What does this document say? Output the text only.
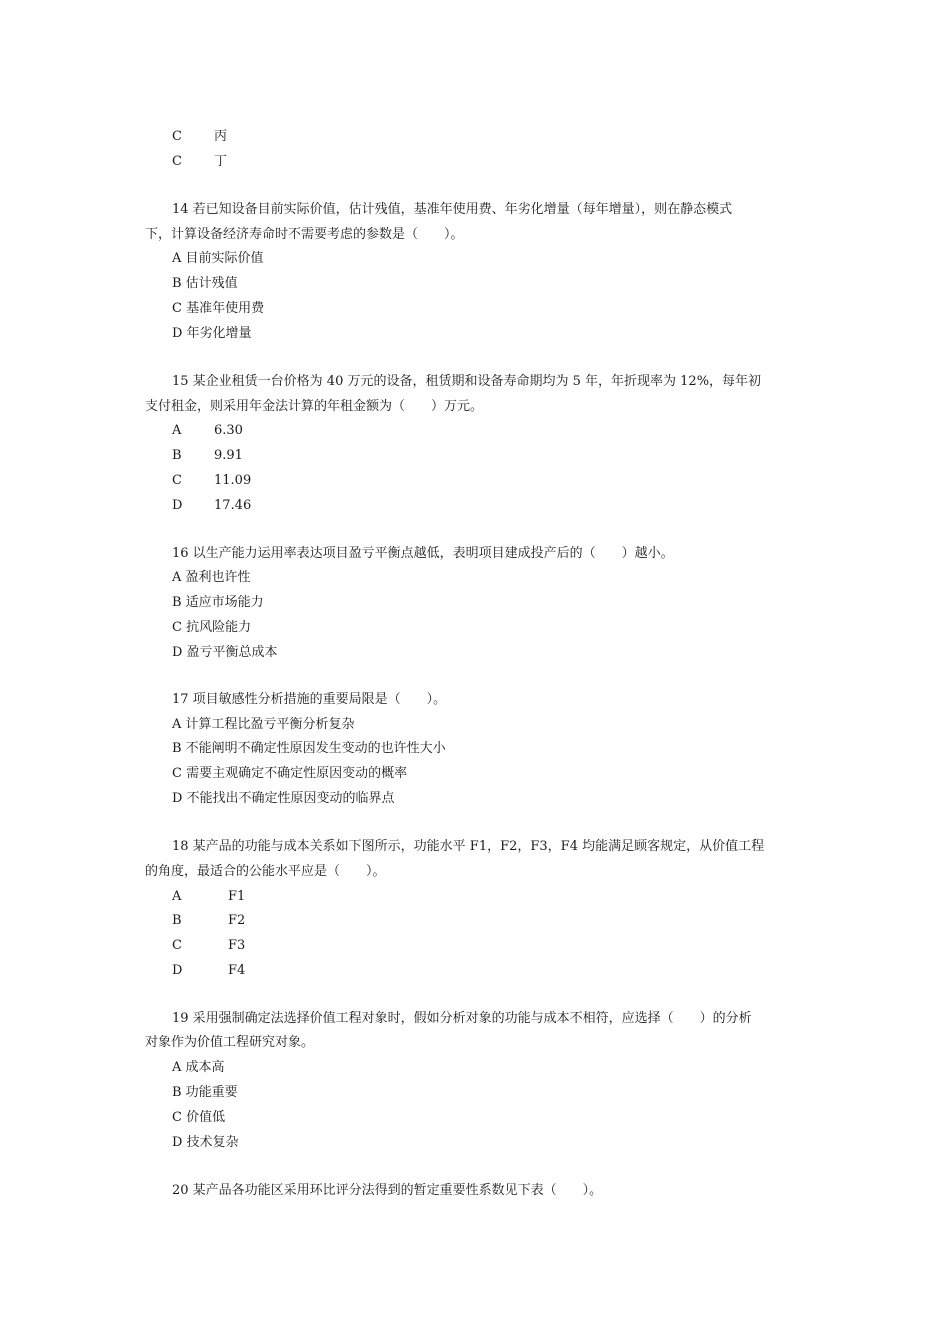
C 丙
C 丁
14 若已知设备目前实际价值，估计残值，基准年使用费、年劣化增量（每年增量），则在静态模式
下，计算设备经济寿命时不需要考虑的参数是（　　）。
A 目前实际价值
B 估计残值
C 基准年使用费
D 年劣化增量
15 某企业租赁一台价格为 40 万元的设备，租赁期和设备寿命期均为 5 年，年折现率为 12%，每年初
支付租金，则采用年金法计算的年租金额为（　　）万元。
A	6.30
B 9.91
C 11.09
D 17.46
16 以生产能力运用率表达项目盈亏平衡点越低，表明项目建成投产后的（　　）越小。
A 盈利也许性
B 适应市场能力
C 抗风险能力
D 盈亏平衡总成本
17 项目敏感性分析措施的重要局限是（　　）。
A 计算工程比盈亏平衡分析复杂
B 不能阐明不确定性原因发生变动的也许性大小
C 需要主观确定不确定性原因变动的概率
D 不能找出不确定性原因变动的临界点
18 某产品的功能与成本关系如下图所示，功能水平 F1，F2，F3，F4 均能满足顾客规定，从价值工程
的角度，最适合的公能水平应是（　　）。
A	F1
B	F2
C	F3
D	F4
19 采用强制确定法选择价值工程对象时，假如分析对象的功能与成本不相符，应选择（　　）的分析
对象作为价值工程研究对象。
A 成本高
B 功能重要
C 价值低
D 技术复杂
20 某产品各功能区采用环比评分法得到的暂定重要性系数见下表（　　）。
